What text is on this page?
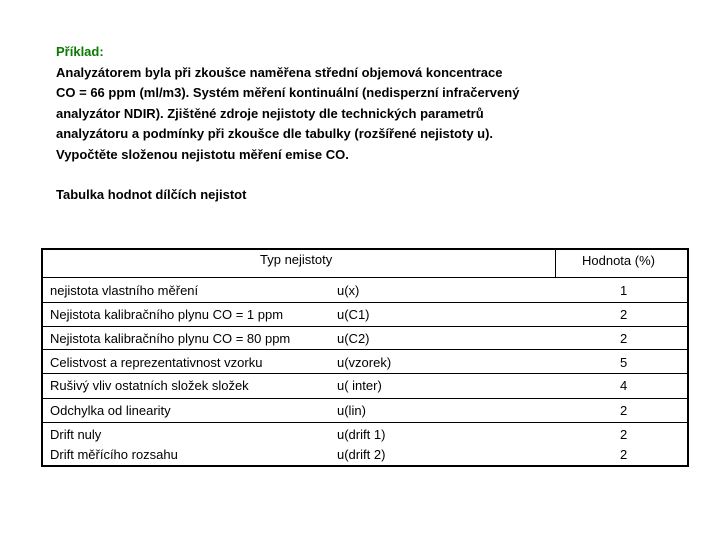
Příklad:
Analyzátorem byla při zkoušce naměřena střední objemová koncentrace
CO = 66 ppm (ml/m3). Systém měření kontinuální (nedisperzní infračervený
analyzátor NDIR). Zjištěné zdroje nejistoty dle technických parametrů
analyzátoru a podmínky při zkoušce dle tabulky (rozšířené nejistoty u).
Vypočtěte složenou nejistotu měření emise CO.
Tabulka hodnot dílčích nejistot
Typ nejistoty	Hodnota (%)
nejistota vlastního měření	u(x)	1
Nejistota kalibračního plynu CO = 1 ppm	u(C1)	2
Nejistota kalibračního plynu CO = 80 ppm	u(C2)	2
Celistvost a reprezentativnost vzorku	u(vzorek)	5
Rušivý vliv ostatních složek složek	u( inter)	4
Odchylka od linearity	u(lin)	2
Drift nuly	u(drift 1)	2
Drift měřícího rozsahu	u(drift 2)	2
